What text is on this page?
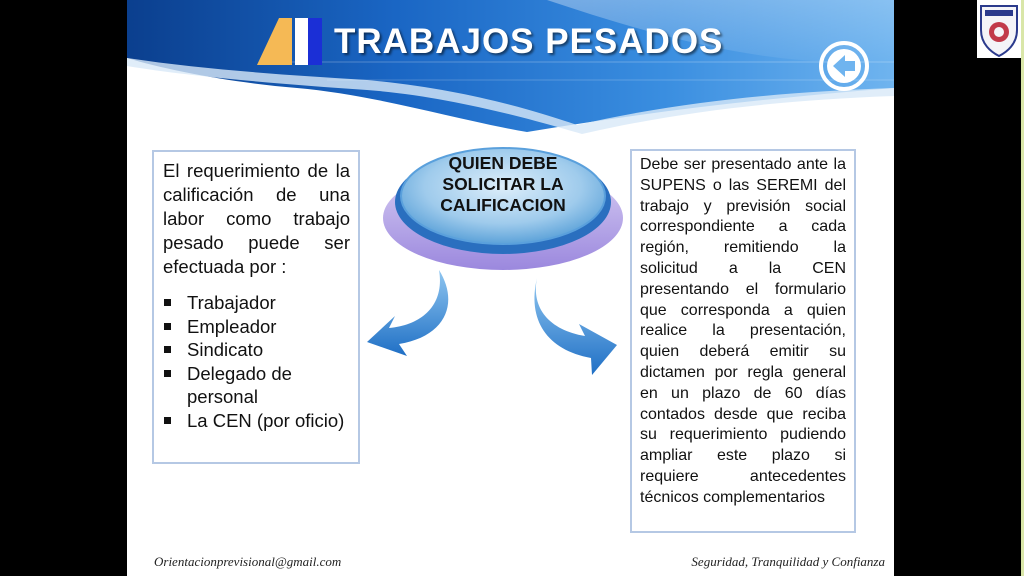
TRABAJOS PESADOS

El requerimiento de la

calificación de una

labor como trabajo

pesado puede ser

efectuada por :

Trabajador
Empleador
Sindicato
Delegado de personal
La CEN (por oficio)
QUIEN DEBE SOLICITAR LA CALIFICACION

Debe ser presentado ante la SUPENS o las SEREMI del trabajo y previsión social correspondiente a cada región, remitiendo la solicitud a la CEN presentando el formulario que corresponda a quien realice la presentación, quien deberá emitir su dictamen por regla general en un plazo de 60 días contados desde que reciba su requerimiento pudiendo ampliar este plazo si requiere antecedentes técnicos complementarios

Orientacionprevisional@gmail.com	Seguridad, Tranquilidad y Confianza
